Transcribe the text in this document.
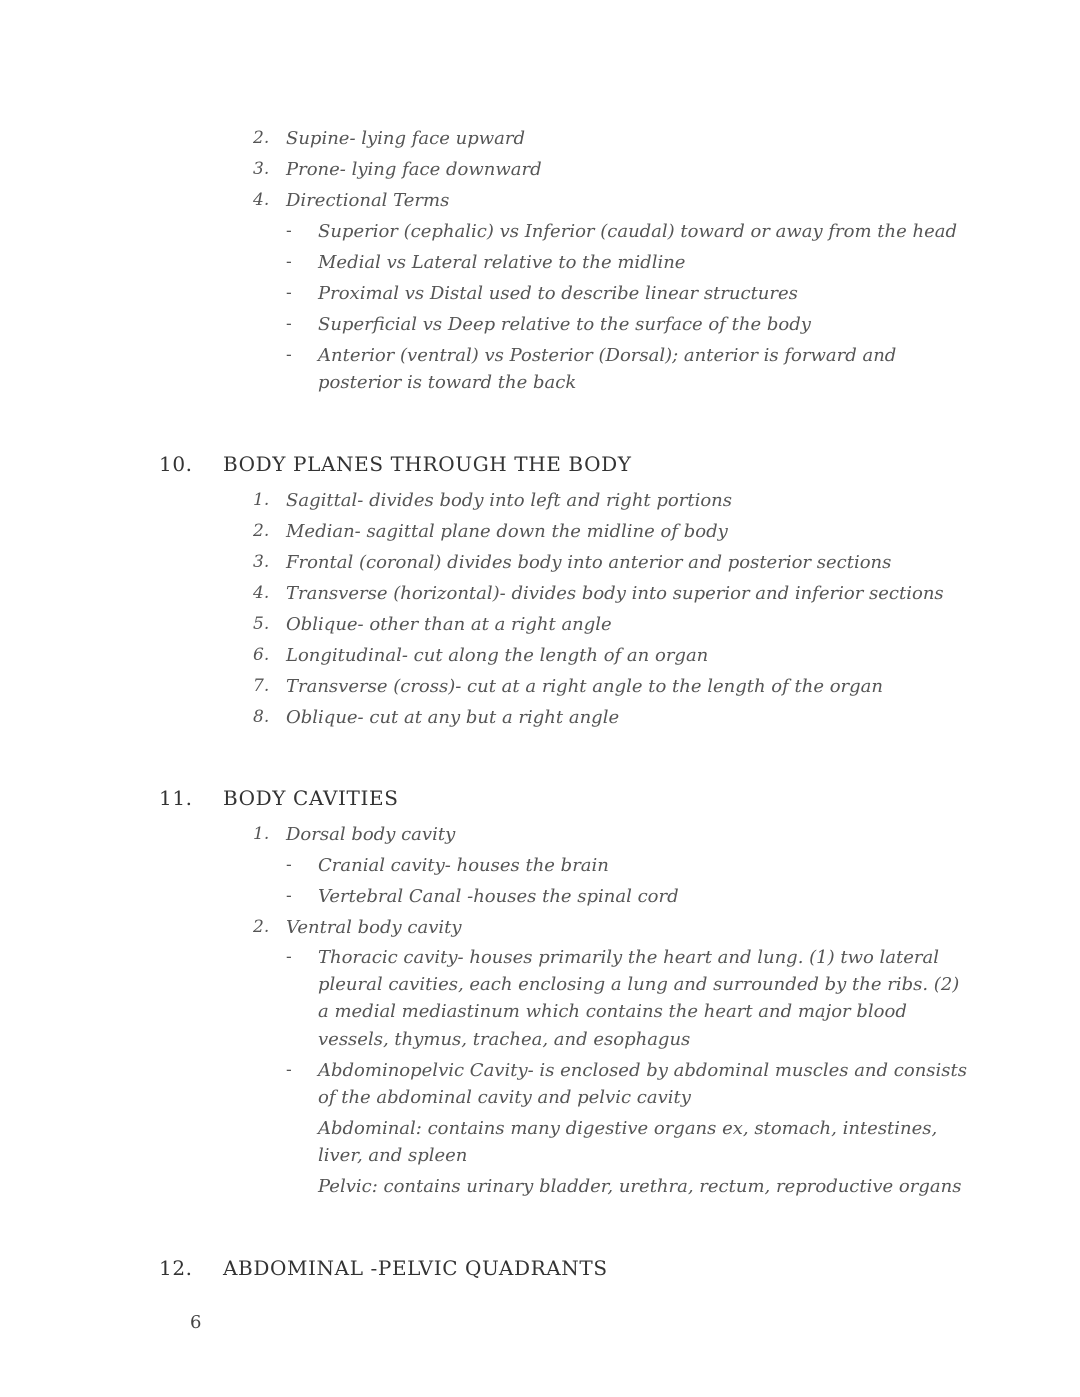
2. Supine- lying face upward
3. Prone- lying face downward
4. Directional Terms
- Superior (cephalic) vs Inferior (caudal) toward or away from the head
- Medial vs Lateral relative to the midline
- Proximal vs Distal used to describe linear structures
- Superficial vs Deep relative to the surface of the body
- Anterior (ventral) vs Posterior (Dorsal); anterior is forward and
posterior is toward the back
10. BODY PLANES THROUGH THE BODY
1. Sagittal- divides body into left and right portions
2. Median- sagittal plane down the midline of body
3. Frontal (coronal) divides body into anterior and posterior sections
4. Transverse (horizontal)- divides body into superior and inferior sections
5. Oblique- other than at a right angle
6. Longitudinal- cut along the length of an organ
7. Transverse (cross)- cut at a right angle to the length of the organ
8. Oblique- cut at any but a right angle
11. BODY CAVITIES
1. Dorsal body cavity
- Cranial cavity- houses the brain
- Vertebral Canal -houses the spinal cord
2. Ventral body cavity
- Thoracic cavity- houses primarily the heart and lung. (1) two lateral
pleural cavities, each enclosing a lung and surrounded by the ribs. (2)
a medial mediastinum which contains the heart and major blood
vessels, thymus, trachea, and esophagus
- Abdominopelvic Cavity- is enclosed by abdominal muscles and consists
of the abdominal cavity and pelvic cavity
Abdominal: contains many digestive organs ex, stomach, intestines,
liver, and spleen
Pelvic: contains urinary bladder, urethra, rectum, reproductive organs
12. ABDOMINAL -PELVIC QUADRANTS
6
